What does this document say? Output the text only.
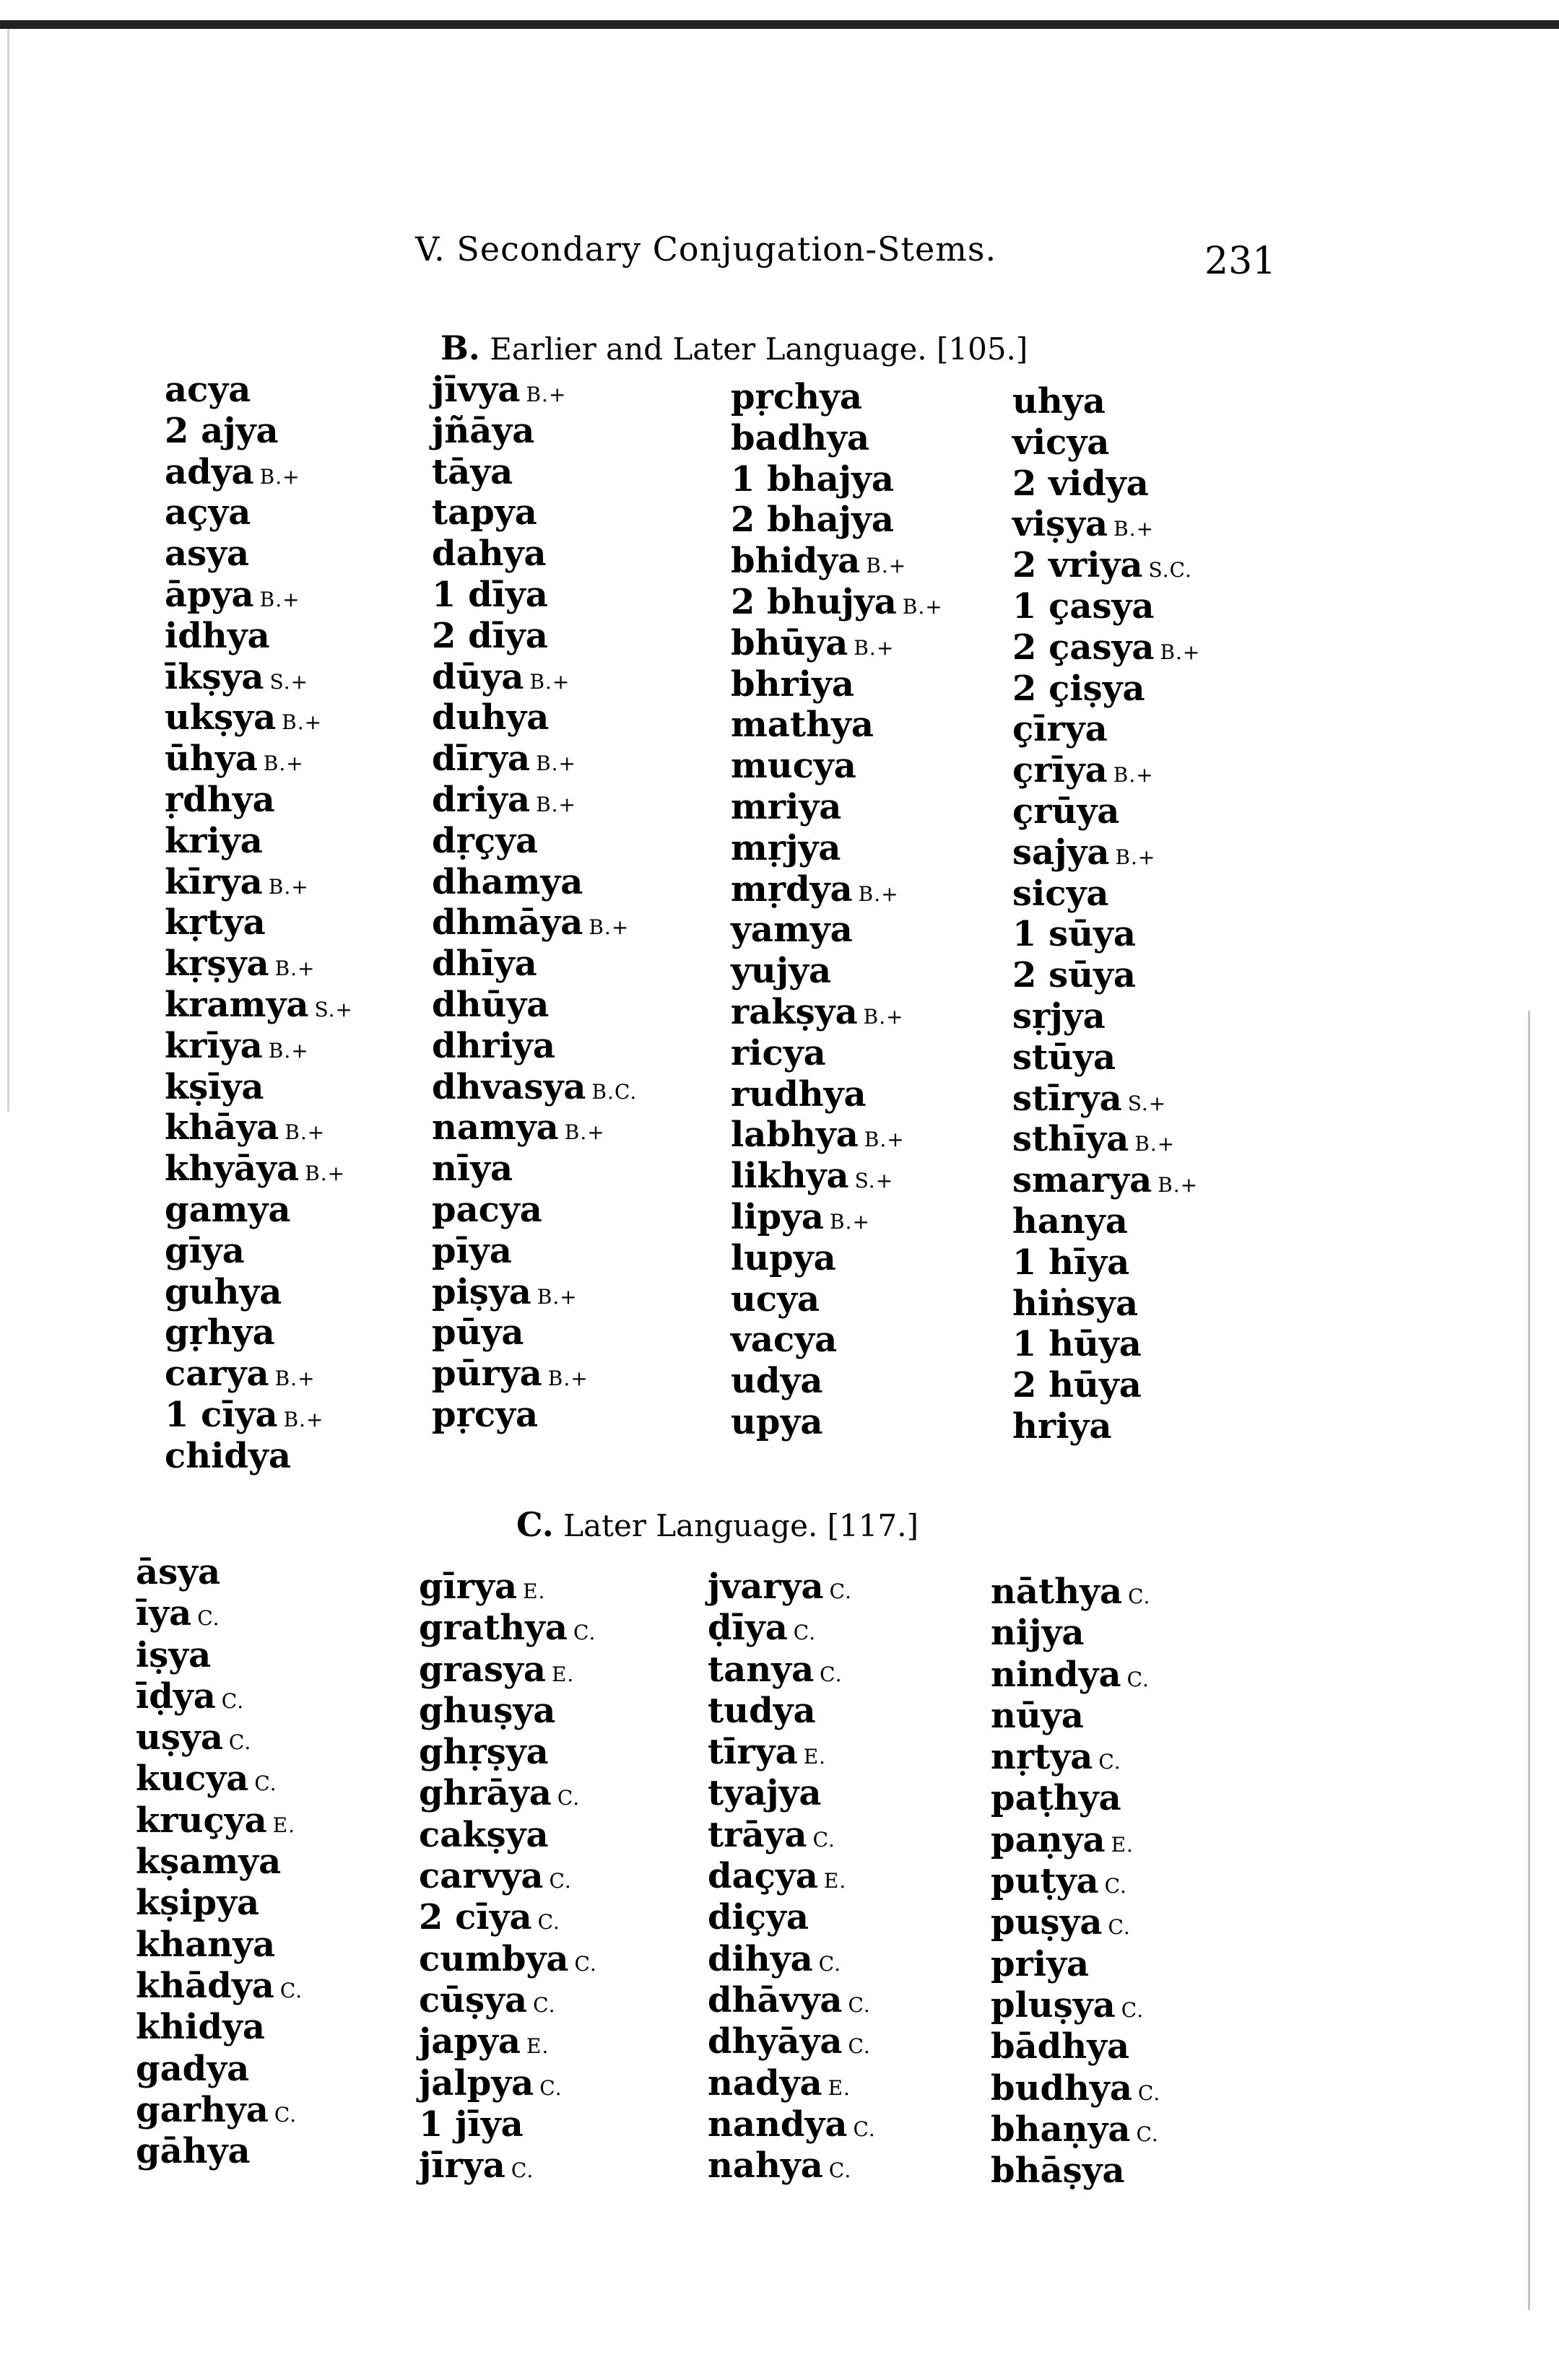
V. Secondary Conjugation-Stems.	231
B. Earlier and Later Language. [105.]
acya
2 ajya
adya B.+
açya
asya
āpya B.+
idhya
īkṣya S.+
ukṣya B.+
ūhya B.+
ṛdhya
kriya
kīrya B.+
kṛtya
kṛṣya B.+
kramya S.+
krīya B.+
kṣīya
khāya B.+
khyāya B.+
gamya
gīya
guhya
gṛhya
carya B.+
1 cīya B.+
chidya
jīvya B.+
jñāya
tāya
tapya
dahya
1 dīya
2 dīya
dūya B.+
duhya
dīrya B.+
driya B.+
dṛçya
dhamya
dhmāya B.+
dhīya
dhūya
dhriya
dhvasya B.C.
namya B.+
nīya
pacya
pīya
piṣya B.+
pūya
pūrya B.+
pṛcya
pṛchya
badhya
1 bhajya
2 bhajya
bhidya B.+
2 bhujya B.+
bhūya B.+
bhriya
mathya
mucya
mriya
mṛjya
mṛdya B.+
yamya
yujya
rakṣya B.+
ricya
rudhya
labhya B.+
likhya S.+
lipya B.+
lupya
ucya
vacya
udya
upya
uhya
vicya
2 vidya
viṣya B.+
2 vriya S.C.
1 çasya
2 çasya B.+
2 çiṣya
çīrya
çrīya B.+
çrūya
sajya B.+
sicya
1 sūya
2 sūya
sṛjya
stūya
stīrya S.+
sthīya B.+
smarya B.+
hanya
1 hīya
hiṅsya
1 hūya
2 hūya
hriya
C. Later Language. [117.]
āsya
īya C.
iṣya
īḍya C.
uṣya C.
kucya C.
kruçya E.
kṣamya
kṣipya
khanya
khādya C.
khidya
gadya
garhya C.
gāhya
gīrya E.
grathya C.
grasya E.
ghuṣya
ghṛṣya
ghrāya C.
cakṣya
carvya C.
2 cīya C.
cumbya C.
cūṣya C.
japya E.
jalpya C.
1 jīya
jīrya C.
jvarya C.
ḍīya C.
tanya C.
tudya
tīrya E.
tyajya
trāya C.
daçya E.
diçya
dihya C.
dhāvya C.
dhyāya C.
nadya E.
nandya C.
nahya C.
nāthya C.
nijya
nindya C.
nūya
nṛtya C.
paṭhya
paṇya E.
puṭya C.
puṣya C.
priya
pluṣya C.
bādhya
budhya C.
bhaṇya C.
bhāṣya
